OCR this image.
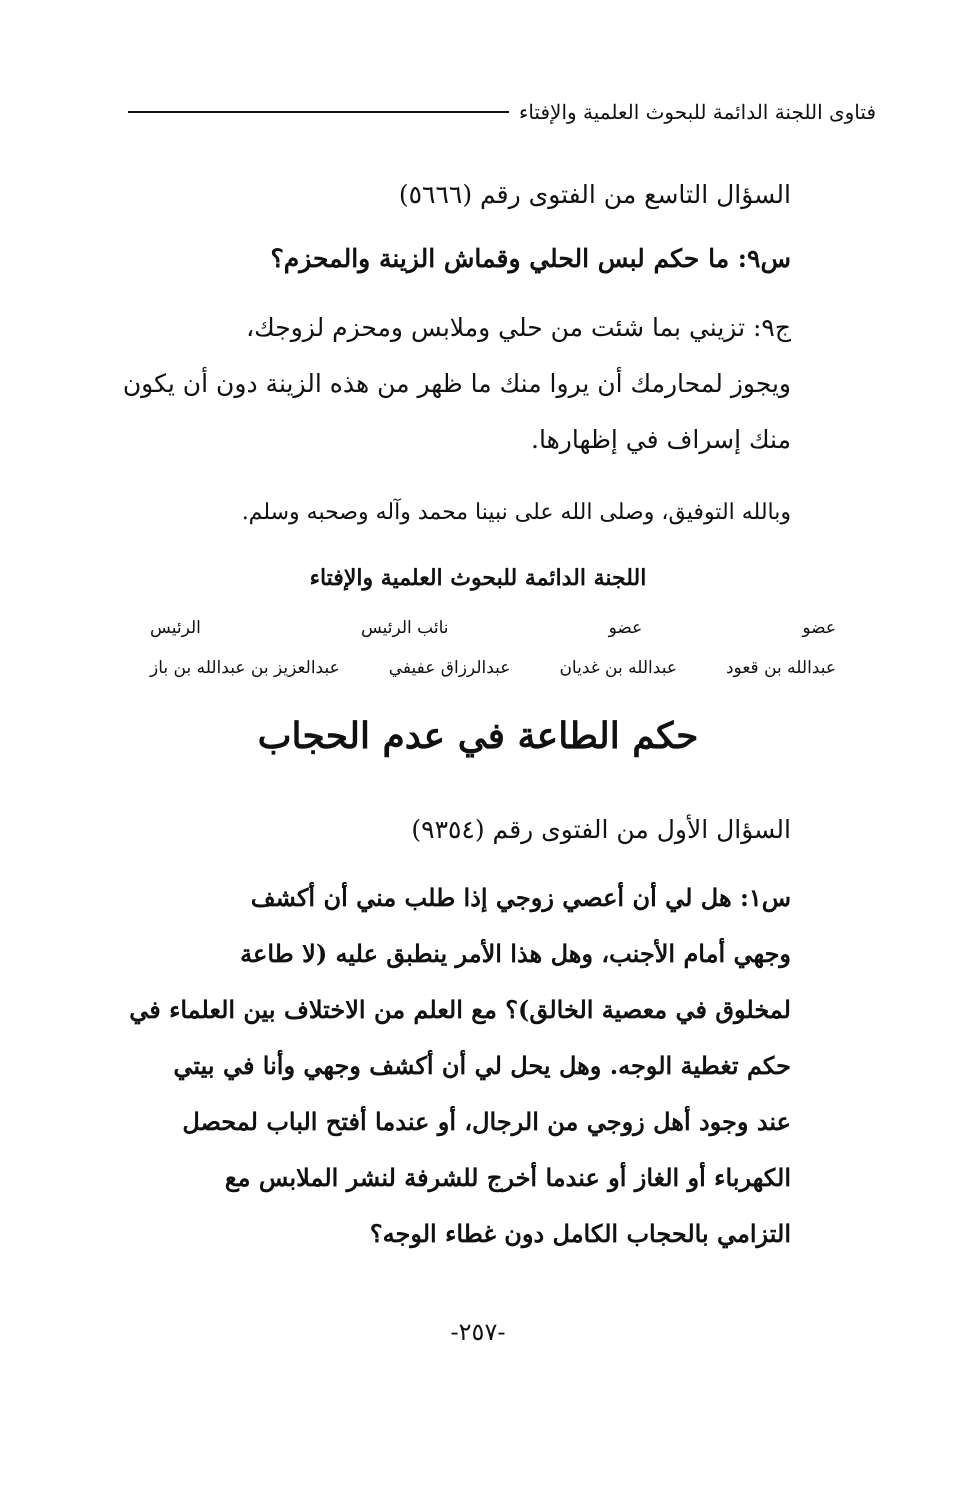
فتاوى اللجنة الدائمة للبحوث العلمية والإفتاء
السؤال التاسع من الفتوى رقم (٥٦٦٦)
س٩: ما حكم لبس الحلي وقماش الزينة والمحزم؟
ج٩: تزيني بما شئت من حلي وملابس ومحزم لزوجك،
ويجوز لمحارمك أن يروا منك ما ظهر من هذه الزينة دون أن يكون
منك إسراف في إظهارها.
وبالله التوفيق، وصلى الله على نبينا محمد وآله وصحبه وسلم.
اللجنة الدائمة للبحوث العلمية والإفتاء
عضو
عضو
نائب الرئيس
الرئيس
عبدالله بن قعود
عبدالله بن غديان
عبدالرزاق عفيفي
عبدالعزيز بن عبدالله بن باز
حكم الطاعة في عدم الحجاب
السؤال الأول من الفتوى رقم (٩٣٥٤)
س١: هل لي أن أعصي زوجي إذا طلب مني أن أكشف
وجهي أمام الأجنب، وهل هذا الأمر ينطبق عليه (لا طاعة
لمخلوق في معصية الخالق)؟ مع العلم من الاختلاف بين العلماء في
حكم تغطية الوجه. وهل يحل لي أن أكشف وجهي وأنا في بيتي
عند وجود أهل زوجي من الرجال، أو عندما أفتح الباب لمحصل
الكهرباء أو الغاز أو عندما أخرج للشرفة لنشر الملابس مع
التزامي بالحجاب الكامل دون غطاء الوجه؟
-٢٥٧-
